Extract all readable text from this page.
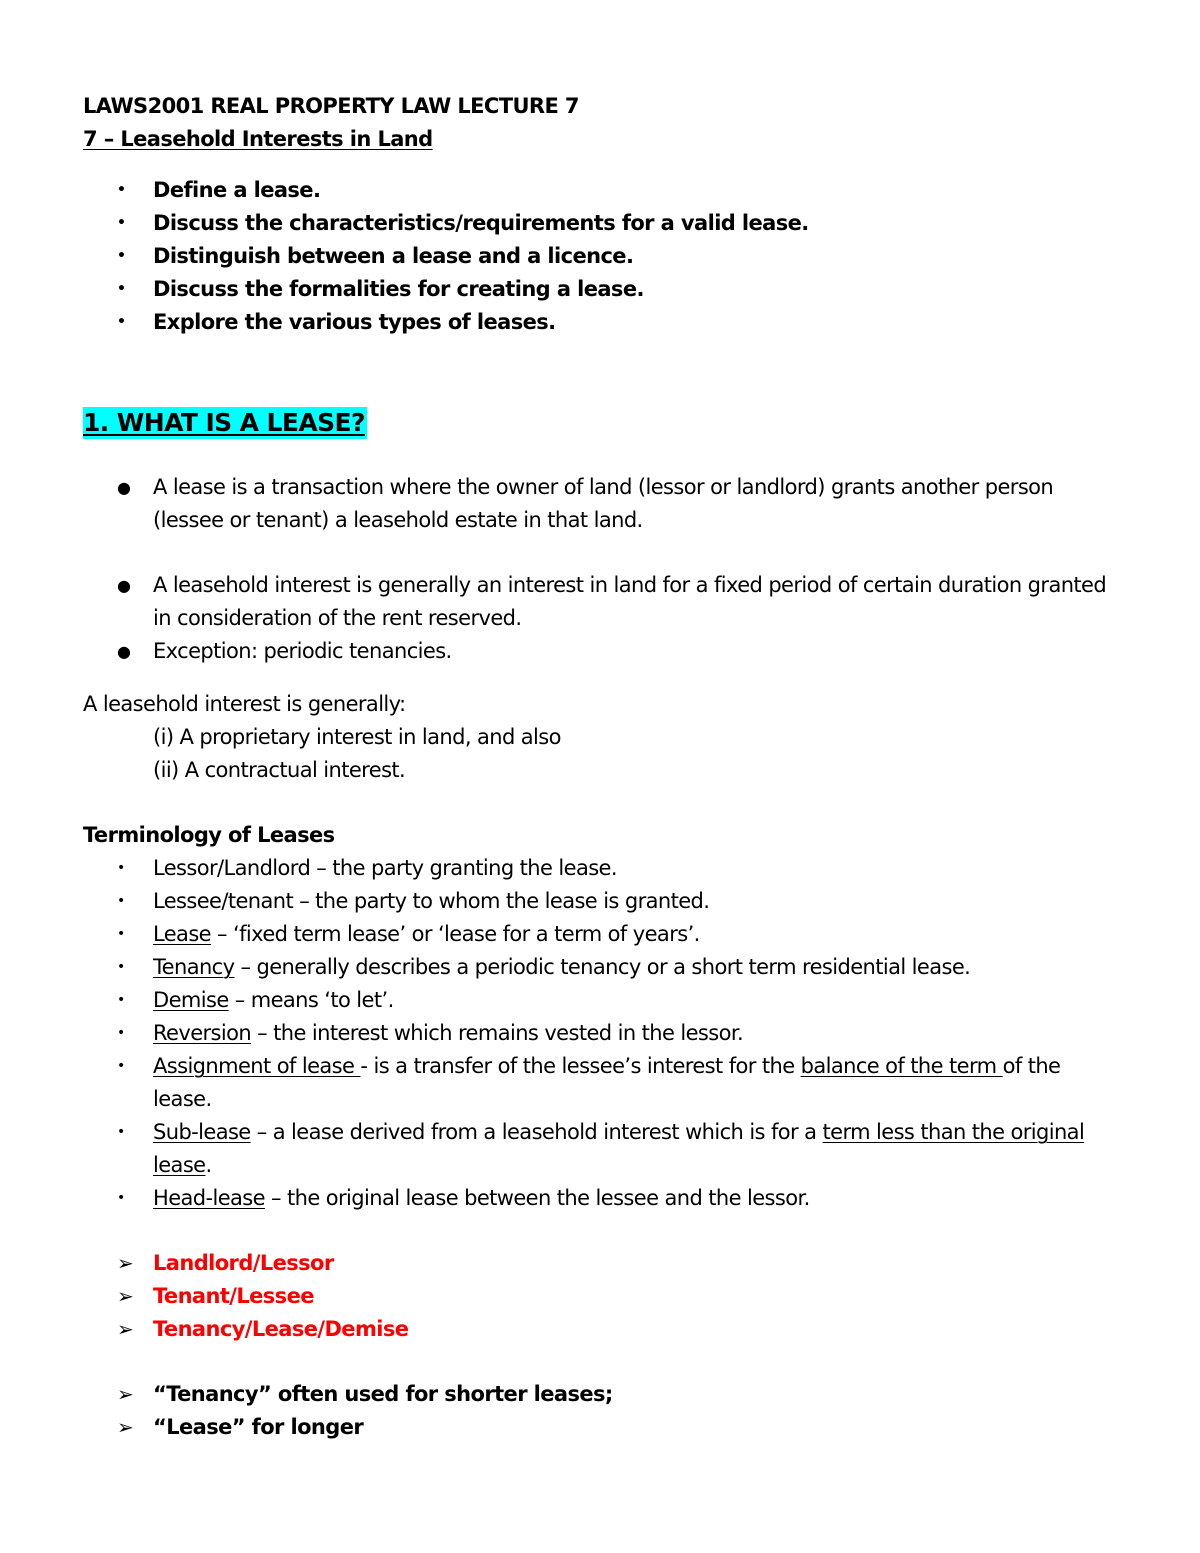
LAWS2001 REAL PROPERTY LAW LECTURE 7

7 – Leasehold Interests in Land

• Define a lease.
• Discuss the characteristics/requirements for a valid lease.
• Distinguish between a lease and a licence.
• Discuss the formalities for creating a lease.
• Explore the various types of leases.
1. WHAT IS A LEASE?
● A lease is a transaction where the owner of land (lessor or landlord) grants another person (lessee or tenant) a leasehold estate in that land.
● A leasehold interest is generally an interest in land for a fixed period of certain duration granted in consideration of the rent reserved.
● Exception: periodic tenancies.

A leasehold interest is generally:

(i) A proprietary interest in land, and also

(ii) A contractual interest.

Terminology of Leases

• Lessor/Landlord – the party granting the lease.
• Lessee/tenant – the party to whom the lease is granted.
• Lease – ‘fixed term lease’ or ‘lease for a term of years’.
• Tenancy – generally describes a periodic tenancy or a short term residential lease.
• Demise – means ‘to let’.
• Reversion – the interest which remains vested in the lessor.
• Assignment of lease - is a transfer of the lessee’s interest for the balance of the term of the lease.
• Sub-lease – a lease derived from a leasehold interest which is for a term less than the original lease.
• Head-lease – the original lease between the lessee and the lessor.
➢ Landlord/Lessor
➢ Tenant/Lessee
➢ Tenancy/Lease/Demise
➢ “Tenancy” often used for shorter leases;
➢ “Lease” for longer
